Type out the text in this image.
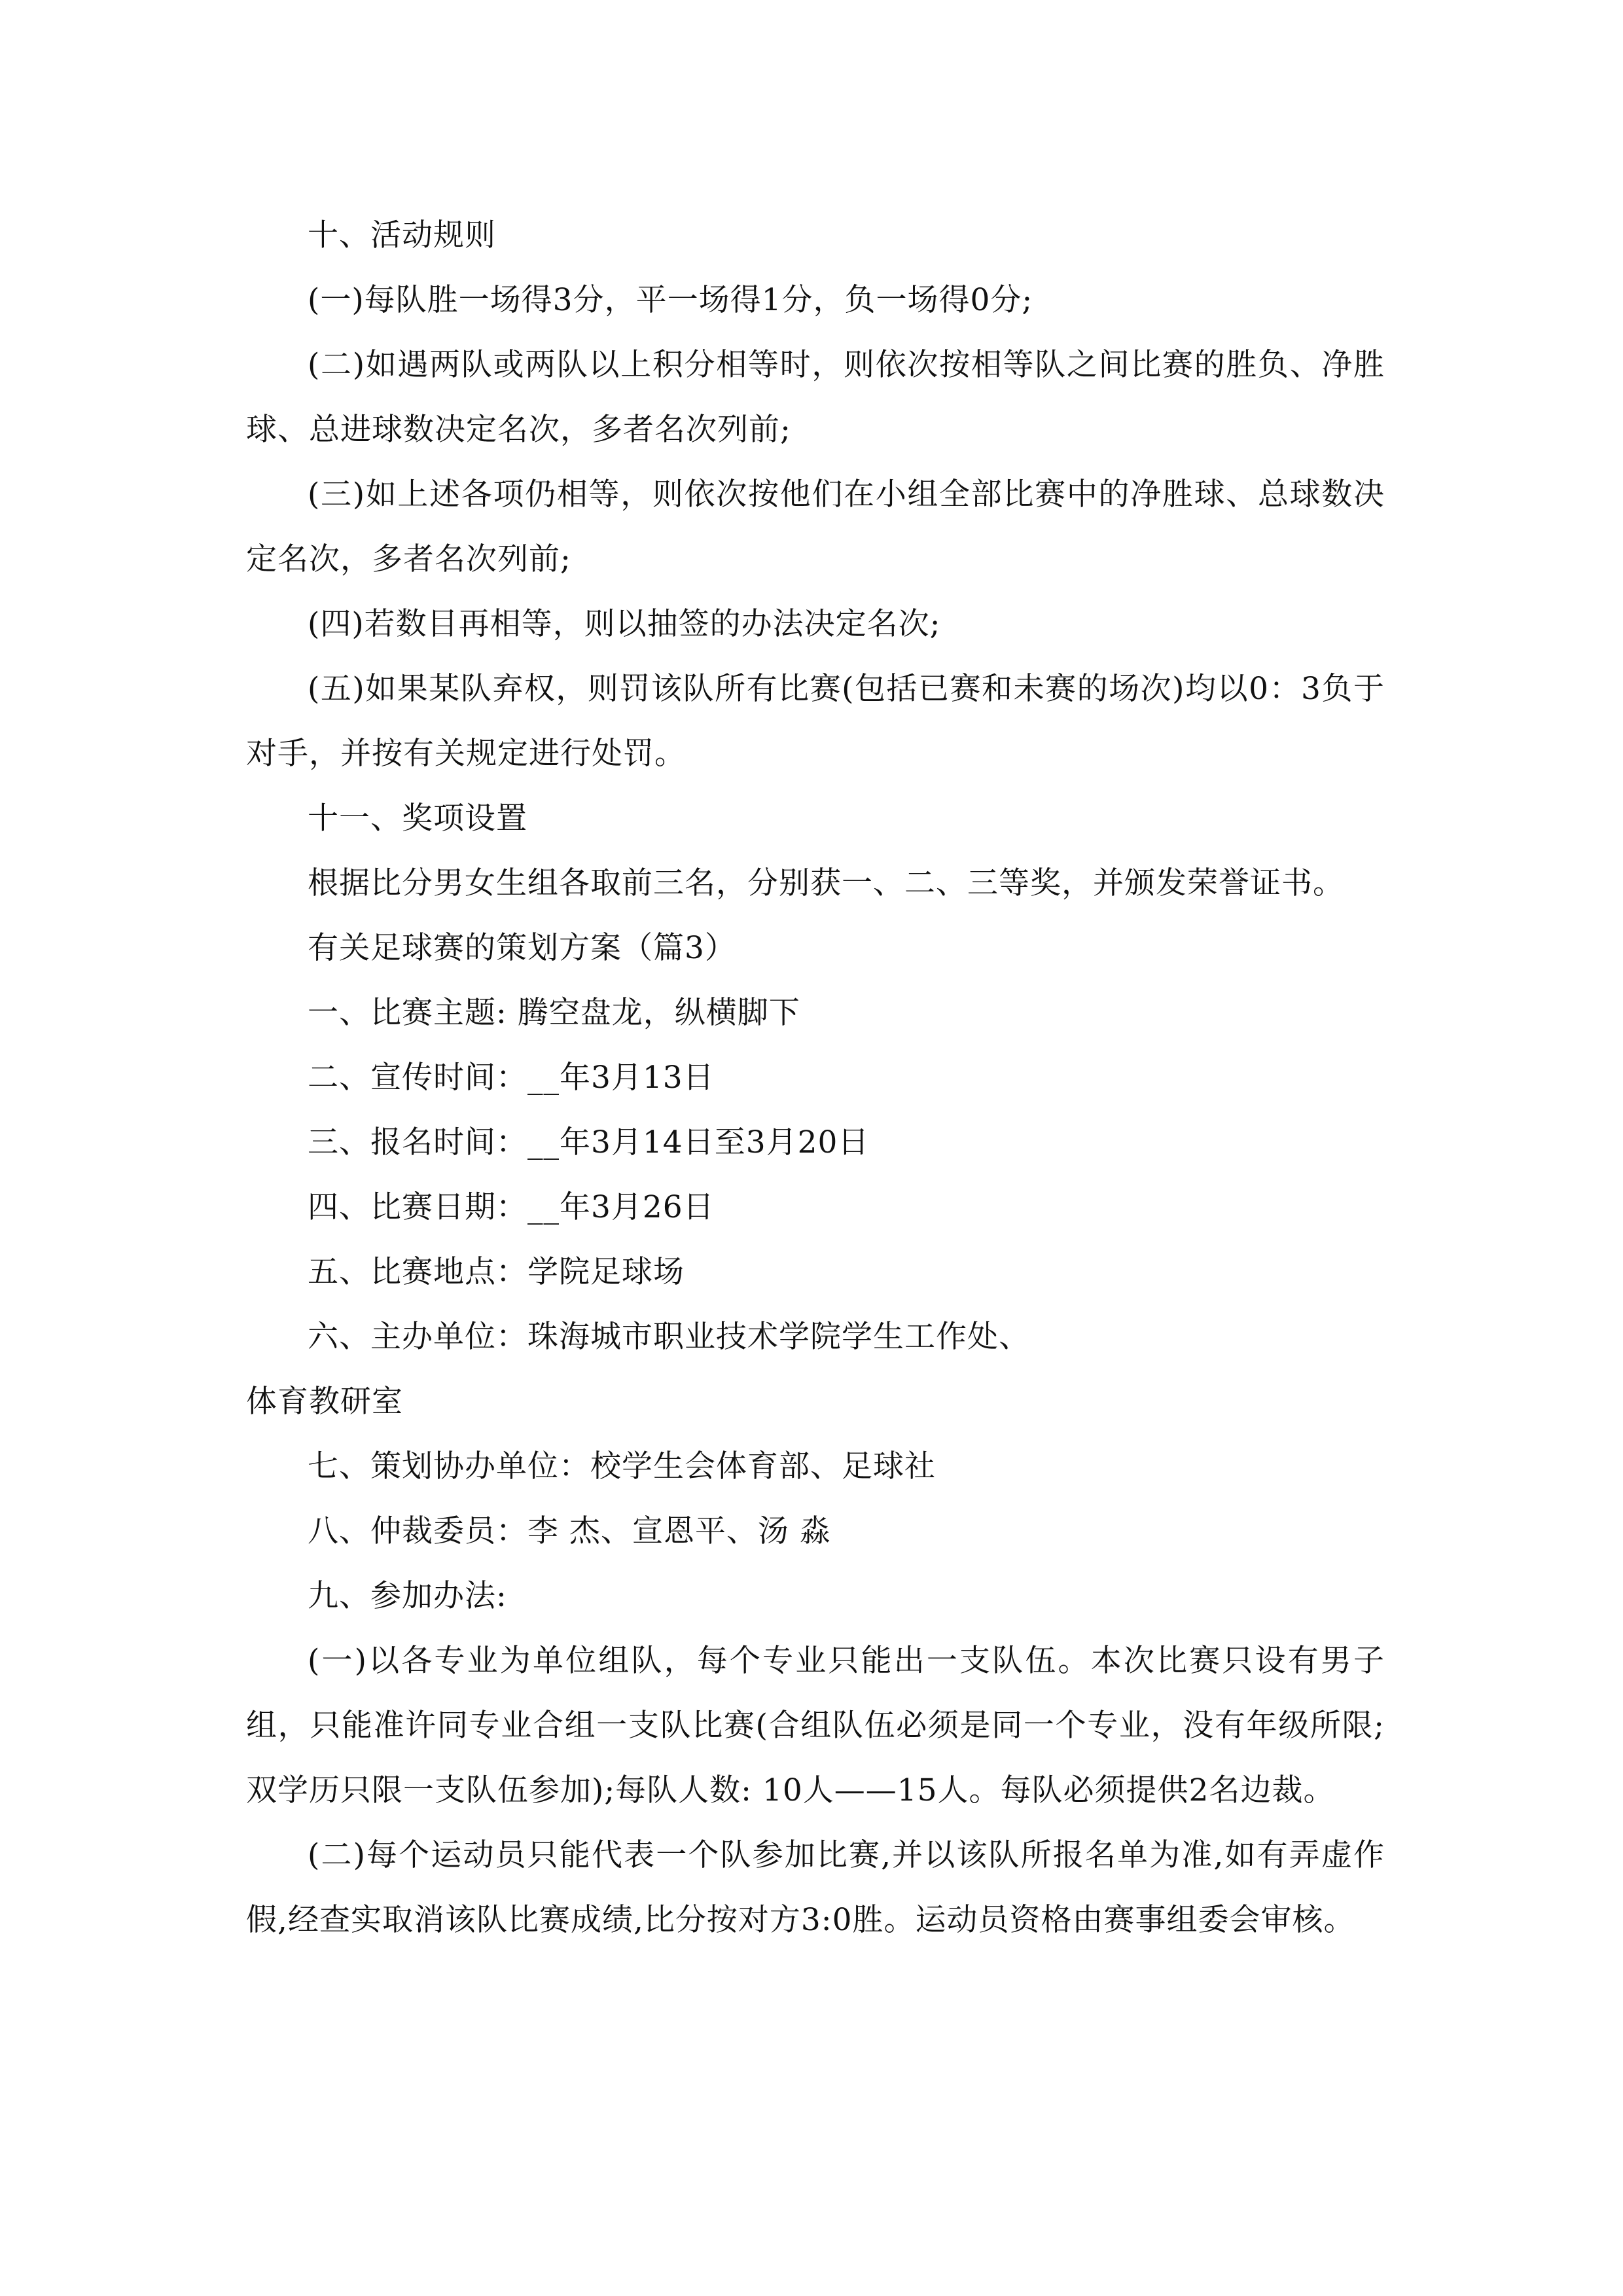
十、活动规则

(一)每队胜一场得3分，平一场得1分，负一场得0分;

(二)如遇两队或两队以上积分相等时，则依次按相等队之间比赛的胜负、净胜球、总进球数决定名次，多者名次列前;

(三)如上述各项仍相等，则依次按他们在小组全部比赛中的净胜球、总球数决定名次，多者名次列前;

(四)若数目再相等，则以抽签的办法决定名次;

(五)如果某队弃权，则罚该队所有比赛(包括已赛和未赛的场次)均以0：3负于对手，并按有关规定进行处罚。

十一、奖项设置

根据比分男女生组各取前三名，分别获一、二、三等奖，并颁发荣誉证书。

有关足球赛的策划方案（篇3）

一、比赛主题: 腾空盘龙，纵横脚下

二、宣传时间：__年3月13日

三、报名时间：__年3月14日至3月20日

四、比赛日期：__年3月26日

五、比赛地点：学院足球场

六、主办单位：珠海城市职业技术学院学生工作处、

体育教研室

七、策划协办单位：校学生会体育部、足球社

八、仲裁委员：李 杰、宣恩平、汤 淼

九、参加办法:

(一)以各专业为单位组队，每个专业只能出一支队伍。本次比赛只设有男子组，只能准许同专业合组一支队比赛(合组队伍必须是同一个专业，没有年级所限;双学历只限一支队伍参加);每队人数: 10人——15人。每队必须提供2名边裁。

(二)每个运动员只能代表一个队参加比赛,并以该队所报名单为准,如有弄虚作假,经查实取消该队比赛成绩,比分按对方3:0胜。运动员资格由赛事组委会审核。
